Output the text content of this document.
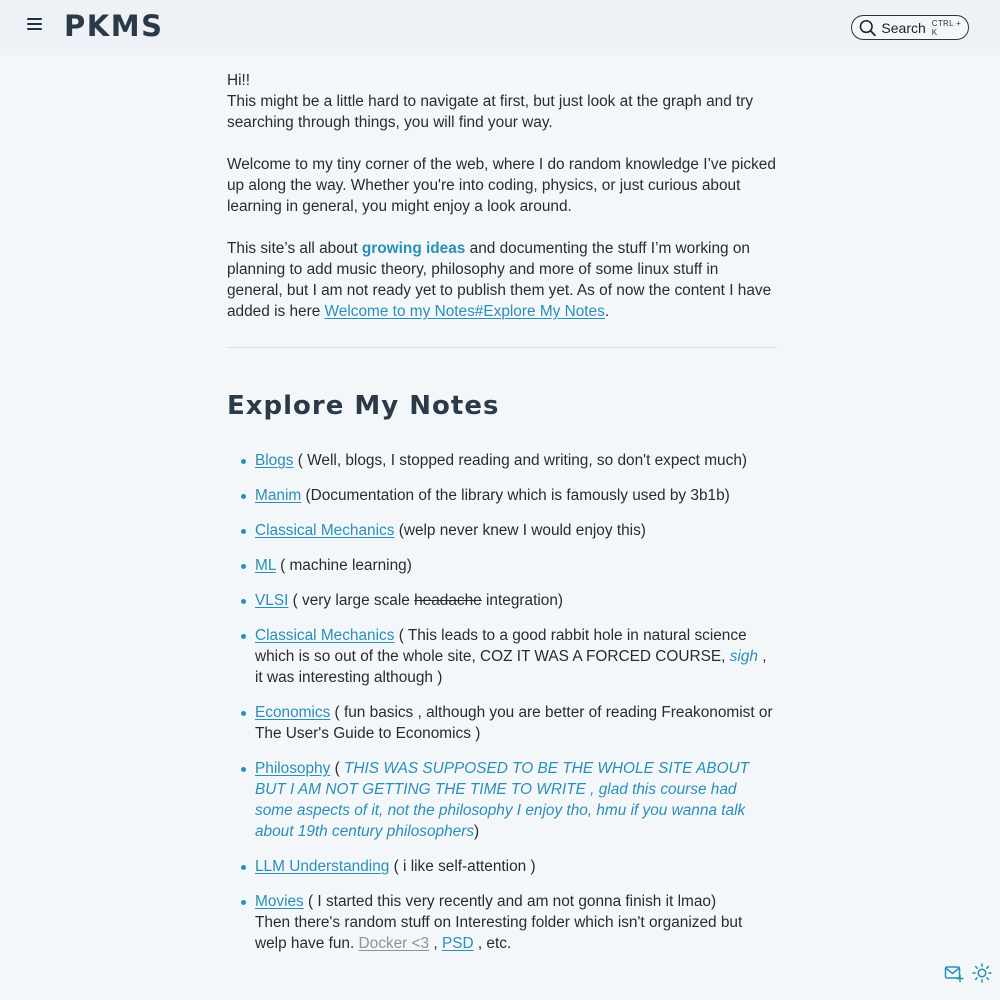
PKMS	Search CTRL + K

Hi!!
This might be a little hard to navigate at first, but just look at the graph and try searching through things, you will find your way.

Welcome to my tiny corner of the web, where I do random knowledge I’ve picked up along the way. Whether you're into coding, physics, or just curious about learning in general, you might enjoy a look around.

This site’s all about growing ideas and documenting the stuff I’m working on planning to add music theory, philosophy and more of some linux stuff in general, but I am not ready yet to publish them yet. As of now the content I have added is here Welcome to my Notes#Explore My Notes.

Explore My Notes
Blogs ( Well, blogs, I stopped reading and writing, so don't expect much)
Manim (Documentation of the library which is famously used by 3b1b)
Classical Mechanics (welp never knew I would enjoy this)
ML ( machine learning)
VLSI ( very large scale headache integration)
Classical Mechanics ( This leads to a good rabbit hole in natural science which is so out of the whole site, COZ IT WAS A FORCED COURSE, sigh , it was interesting although )
Economics ( fun basics , although you are better of reading Freakonomist or The User's Guide to Economics )
Philosophy ( THIS WAS SUPPOSED TO BE THE WHOLE SITE ABOUT BUT I AM NOT GETTING THE TIME TO WRITE , glad this course had some aspects of it, not the philosophy I enjoy tho, hmu if you wanna talk about 19th century philosophers)
LLM Understanding ( i like self-attention )
Movies ( I started this very recently and am not gonna finish it lmao)
Then there's random stuff on Interesting folder which isn't organized but welp have fun. Docker <3 , PSD , etc.
